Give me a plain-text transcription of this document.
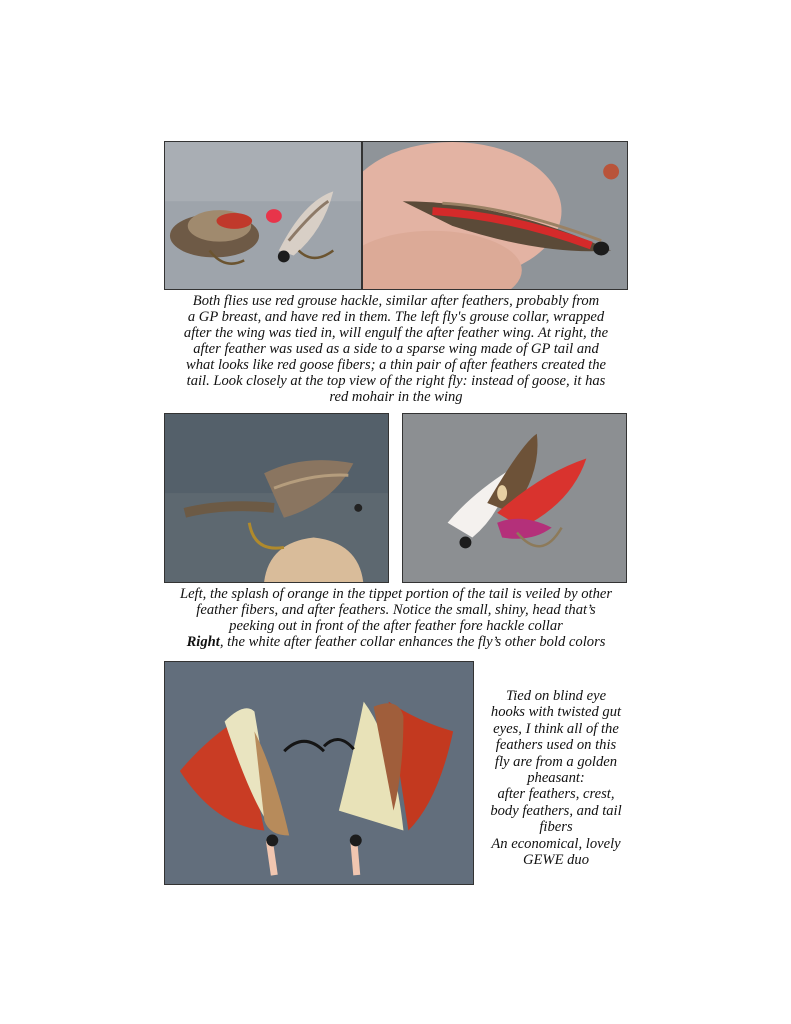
Both flies use red grouse hackle, similar after feathers, probably from
a GP breast, and have red in them. The left fly's grouse collar, wrapped
after the wing was tied in, will engulf the after feather wing. At right, the
after feather was used as a side to a sparse wing made of GP tail and
what looks like red goose fibers; a thin pair of after feathers created the
tail. Look closely at the top view of the right fly: instead of goose, it has
red mohair in the wing
Left, the splash of orange in the tippet portion of the tail is veiled by other
feather fibers, and after feathers. Notice the small, shiny, head that’s
peeking out in front of the after feather fore hackle collar
Right, the white after feather collar enhances the fly’s other bold colors
Tied on blind eye
hooks with twisted gut
eyes, I think all of the
feathers used on this
fly are from a golden
pheasant:
after feathers, crest,
body feathers, and tail
fibers
An economical, lovely
GEWE duo
